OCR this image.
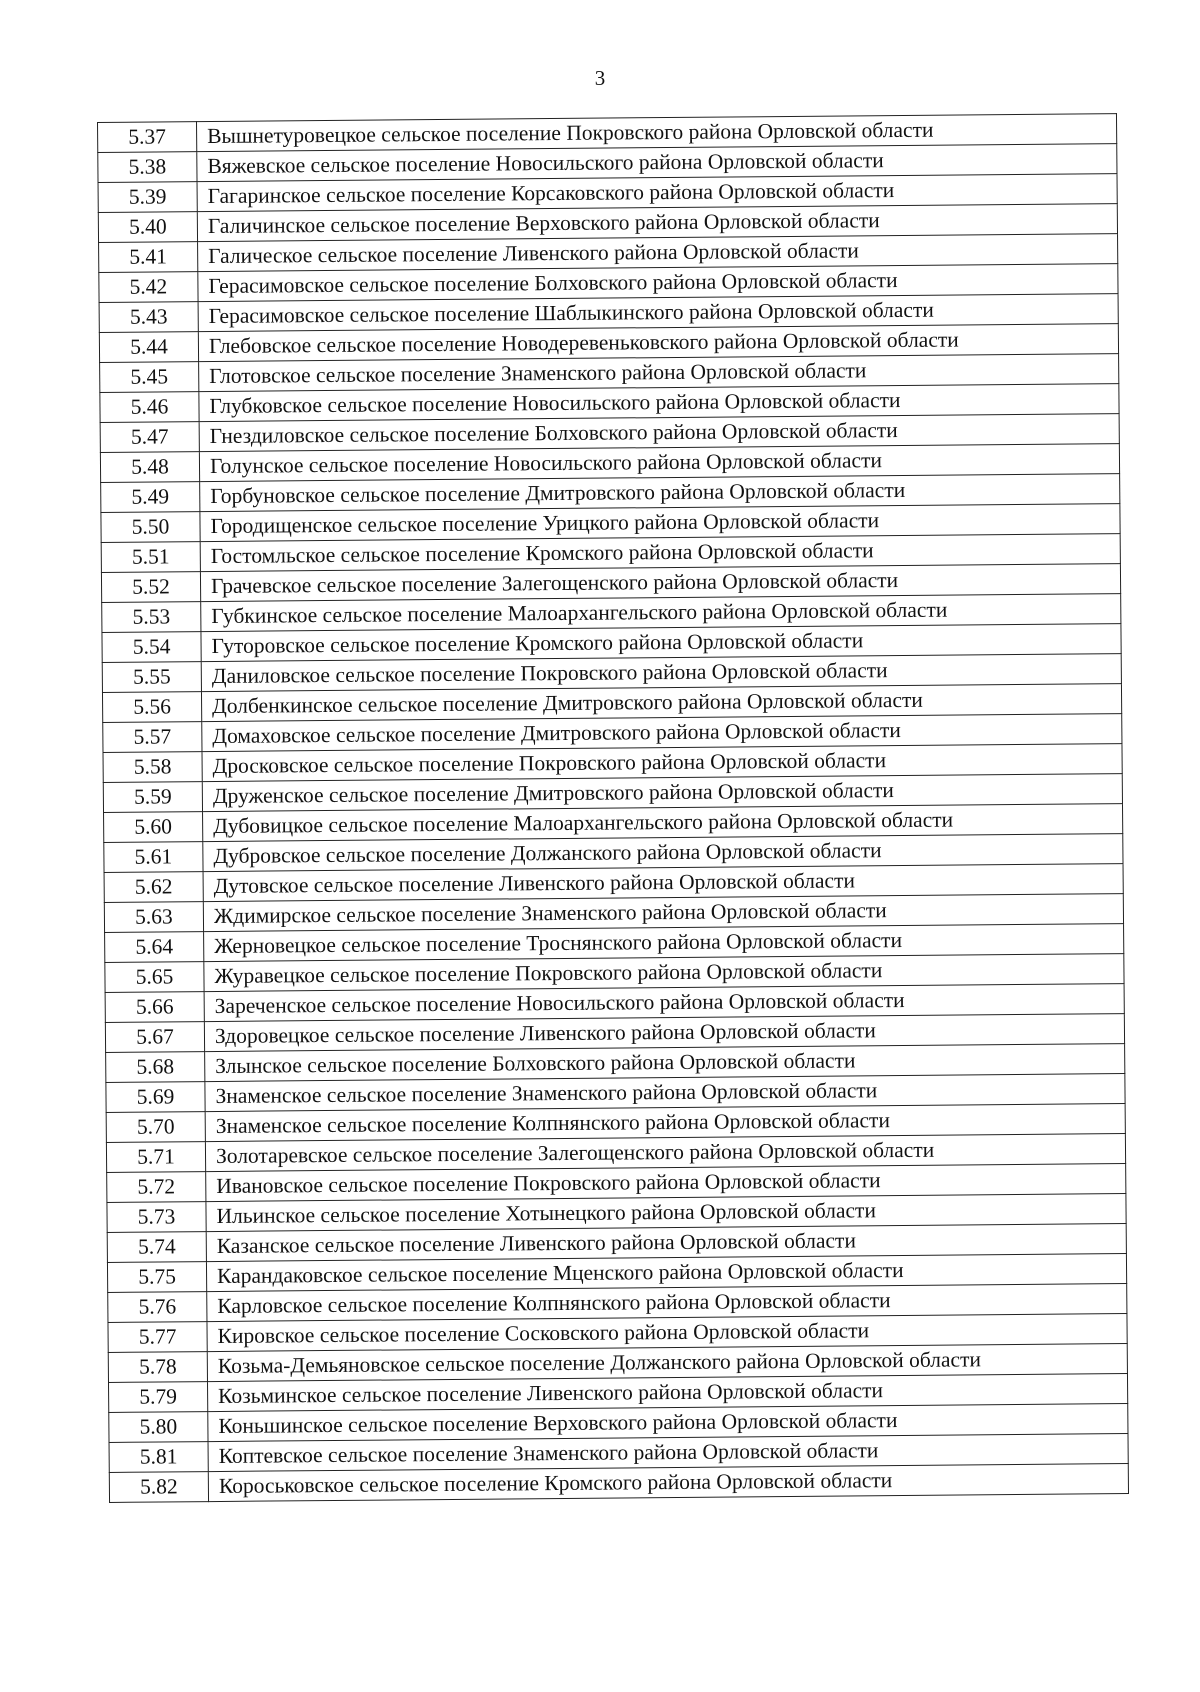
3
5.37	Вышнетуровецкое сельское поселение Покровского района Орловской области
5.38	Вяжевское сельское поселение Новосильского района Орловской области
5.39	Гагаринское сельское поселение Корсаковского района Орловской области
5.40	Галичинское сельское поселение Верховского района Орловской области
5.41	Галическое сельское поселение Ливенского района Орловской области
5.42	Герасимовское сельское поселение Болховского района Орловской области
5.43	Герасимовское сельское поселение Шаблыкинского района Орловской области
5.44	Глебовское сельское поселение Новодеревеньковского района Орловской области
5.45	Глотовское сельское поселение Знаменского района Орловской области
5.46	Глубковское сельское поселение Новосильского района Орловской области
5.47	Гнездиловское сельское поселение Болховского района Орловской области
5.48	Голунское сельское поселение Новосильского района Орловской области
5.49	Горбуновское сельское поселение Дмитровского района Орловской области
5.50	Городищенское сельское поселение Урицкого района Орловской области
5.51	Гостомльское сельское поселение Кромского района Орловской области
5.52	Грачевское сельское поселение Залегощенского района Орловской области
5.53	Губкинское сельское поселение Малоархангельского района Орловской области
5.54	Гуторовское сельское поселение Кромского района Орловской области
5.55	Даниловское сельское поселение Покровского района Орловской области
5.56	Долбенкинское сельское поселение Дмитровского района Орловской области
5.57	Домаховское сельское поселение Дмитровского района Орловской области
5.58	Дросковское сельское поселение Покровского района Орловской области
5.59	Друженское сельское поселение Дмитровского района Орловской области
5.60	Дубовицкое сельское поселение Малоархангельского района Орловской области
5.61	Дубровское сельское поселение Должанского района Орловской области
5.62	Дутовское сельское поселение Ливенского района Орловской области
5.63	Ждимирское сельское поселение Знаменского района Орловской области
5.64	Жерновецкое сельское поселение Троснянского района Орловской области
5.65	Журавецкое сельское поселение Покровского района Орловской области
5.66	Зареченское сельское поселение Новосильского района Орловской области
5.67	Здоровецкое сельское поселение Ливенского района Орловской области
5.68	Злынское сельское поселение Болховского района Орловской области
5.69	Знаменское сельское поселение Знаменского района Орловской области
5.70	Знаменское сельское поселение Колпнянского района Орловской области
5.71	Золотаревское сельское поселение Залегощенского района Орловской области
5.72	Ивановское сельское поселение Покровского района Орловской области
5.73	Ильинское сельское поселение Хотынецкого района Орловской области
5.74	Казанское сельское поселение Ливенского района Орловской области
5.75	Карандаковское сельское поселение Мценского района Орловской области
5.76	Карловское сельское поселение Колпнянского района Орловской области
5.77	Кировское сельское поселение Сосковского района Орловской области
5.78	Козьма-Демьяновское сельское поселение Должанского района Орловской области
5.79	Козьминское сельское поселение Ливенского района Орловской области
5.80	Коньшинское сельское поселение Верховского района Орловской области
5.81	Коптевское сельское поселение Знаменского района Орловской области
5.82	Короськовское сельское поселение Кромского района Орловской области
